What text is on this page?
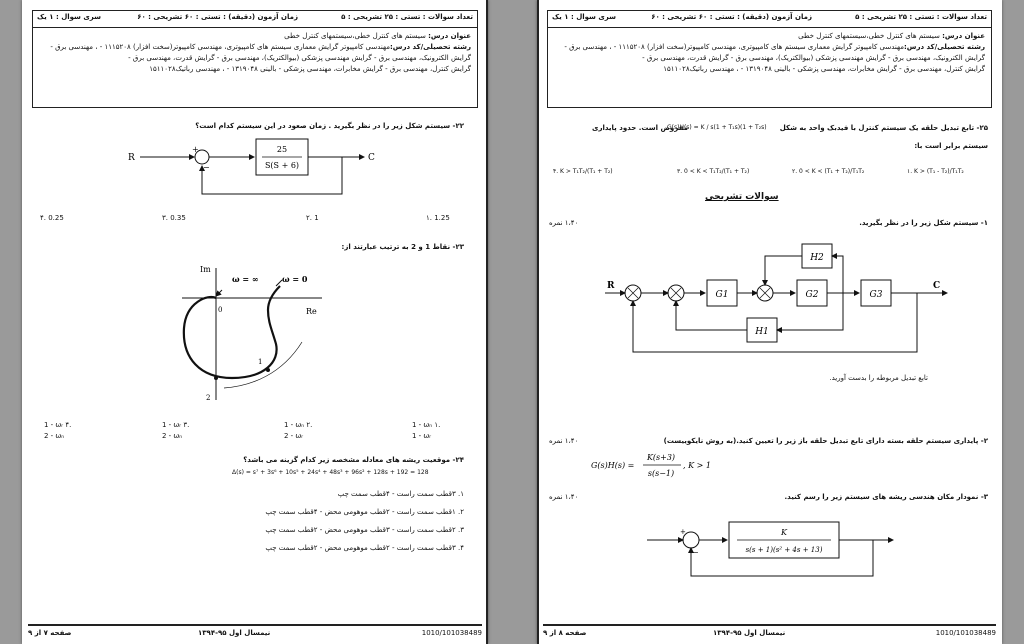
تعداد سوالات : تستی : ۲۵ تشریحی : ۵
زمان آزمون (دقیقه) : تستی : ۶۰ تشریحی : ۶۰
سری سوال : ۱ یک
عنوان درس: سیستم های کنترل خطی،سیستمهای کنترل خطی
رشته تحصیلی/کد درس:مهندسی کامپیوتر گرایش معماری سیستم های کامپیوتری، مهندسی کامپیوتر(سخت افزار) ۱۱۱۵۲۰۸ - ، مهندسی برق -
گرایش الکترونیک، مهندسی برق - گرایش مهندسی پزشکی (بیوالکتریک)، مهندسی برق - گرایش قدرت، مهندسی برق -
گرایش کنترل، مهندسی برق - گرایش مخابرات، مهندسی پزشکی - بالینی ۱۳۱۹۰۴۸ - ، مهندسی رباتیک۱۵۱۱۰۲۸
۲۲- سیستم شکل زیر را در نظر بگیرید . زمان صعود در این سیستم کدام است؟
R
+
−
25
S(S + 6)
C
۴. 0.25	۳. 0.35	۲. 1	۱. 1.25
۲۳- نقاط 1 و 2 به ترتیب عبارتند از:
Im
Re
0
ω = ∞	ω = 0
1
2
1 - ωᵣ ۴.
2 - ωₙ
1 - ωᵣ ۳.
2 - ωₙ
1 - ωₙ ۲.
2 - ωᵣ
1 - ωₙ ۱.
1 - ωᵣ
۲۴- موقعیت ریشه های معادله مشخصه زیر کدام گزینه می باشد؟
Δ(s) = s⁷ + 3s⁶ + 10s⁵ + 24s⁴ + 48s³ + 96s² + 128s + 192 = 128
۱. ۳قطب سمت راست - ۴قطب سمت چپ
۲. ۱قطب سمت راست - ۲قطب موهومی محض - ۴قطب سمت چپ
۳. ۲قطب سمت راست - ۳قطب موهومی محض - ۲قطب سمت چپ
۴. ۳قطب سمت راست - ۲قطب موهومی محض - ۲قطب سمت چپ
1010/101038489
نیمسال اول ۹۵-۱۳۹۴
صفحه ۷ از ۹
تعداد سوالات : تستی : ۲۵ تشریحی : ۵
زمان آزمون (دقیقه) : تستی : ۶۰ تشریحی : ۶۰
سری سوال : ۱ یک
عنوان درس: سیستم های کنترل خطی،سیستمهای کنترل خطی
رشته تحصیلی/کد درس:مهندسی کامپیوتر گرایش معماری سیستم های کامپیوتری، مهندسی کامپیوتر(سخت افزار) ۱۱۱۵۲۰۸ - ، مهندسی برق -
گرایش الکترونیک، مهندسی برق - گرایش مهندسی پزشکی (بیوالکتریک)، مهندسی برق - گرایش قدرت، مهندسی برق -
گرایش کنترل، مهندسی برق - گرایش مخابرات، مهندسی پزشکی - بالینی ۱۳۱۹۰۴۸ - ، مهندسی رباتیک۱۵۱۱۰۲۸
۲۵- تابع تبدیل حلقه یک سیستم کنترل با فیدبک واحد به شکل
G(s)H(s) = K / s(1 + T₁s)(1 + T₂s)
مفروض است. حدود پایداری
سیستم برابر است با:
۴. K > T₁T₂/(T₁ + T₂)	۳. 0 < K < T₁T₂/(T₁ + T₂)	۲. 0 < K < (T₁ + T₂)/T₁T₂	۱. K > (T₁ - T₂)/T₁T₂
سوالات تشریحی
۱،۴۰ نمره	۱- سیستم شکل زیر را در نظر بگیرید.
R
G1	G2	G3
C
H2
H1
تابع تبدیل مربوطه را بدست آورید.
۱،۴۰ نمره	۲- پایداری سیستم حلقه بسته دارای تابع تبدیل حلقه باز زیر را تعیین کنید.(به روش نایکوییست)
G(s)H(s) =
K(s+3)
s(s−1)
, K > 1
۱،۴۰ نمره	۳- نمودار مکان هندسی ریشه های سیستم زیر را رسم کنید.
+
−
K
s(s + 1)(s² + 4s + 13)
1010/101038489
نیمسال اول ۹۵-۱۳۹۴
صفحه ۸ از ۹
